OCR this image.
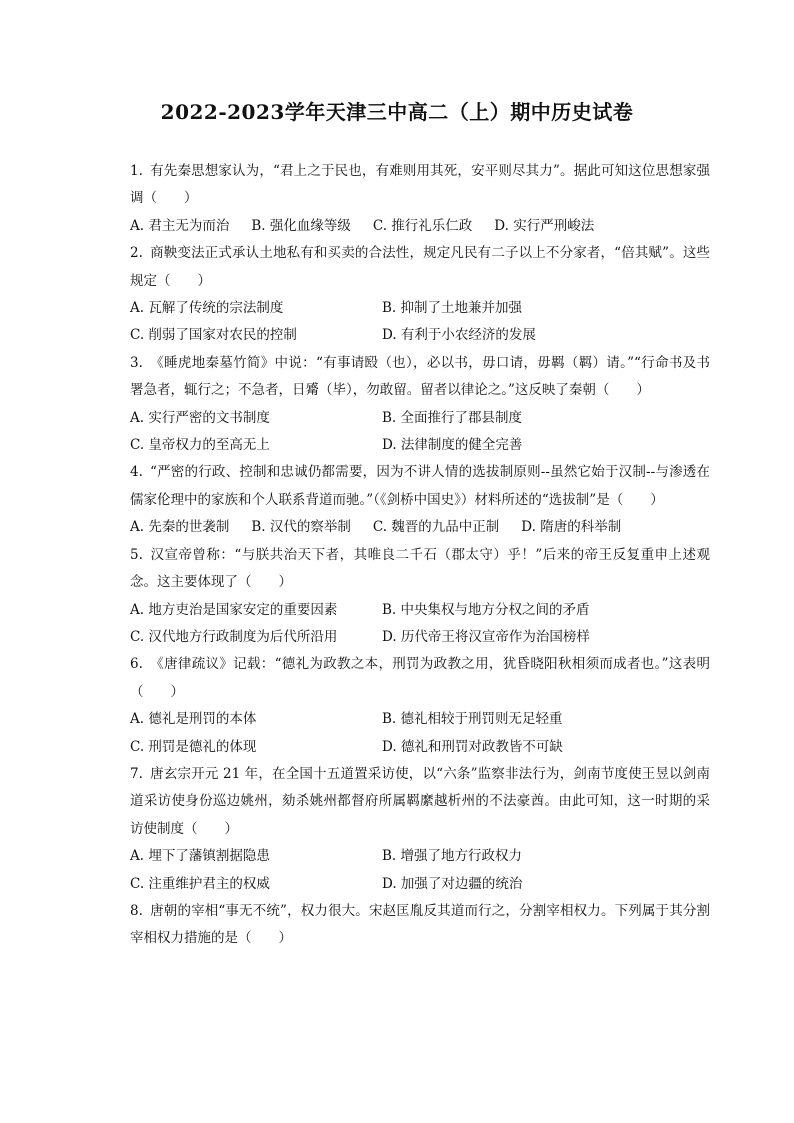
2022-2023学年天津三中高二（上）期中历史试卷

1. 有先秦思想家认为，“君上之于民也，有难则用其死，安平则尽其力”。据此可知这位思想家强调（　　）

A. 君主无为而治 B. 强化血缘等级 C. 推行礼乐仁政 D. 实行严刑峻法

2. 商鞅变法正式承认土地私有和买卖的合法性，规定凡民有二子以上不分家者，“倍其赋”。这些规定（　　）

A. 瓦解了传统的宗法制度	B. 抑制了土地兼并加强
C. 削弱了国家对农民的控制	D. 有利于小农经济的发展

3. 《睡虎地秦墓竹简》中说：“有事请殹（也），必以书，毋口请，毋羁（羁）请。”“行命书及书署急者，辄行之；不急者，日觱（毕），勿敢留。留者以律论之。”这反映了秦朝（　　）

A. 实行严密的文书制度	B. 全面推行了郡县制度
C. 皇帝权力的至高无上	D. 法律制度的健全完善

4. “严密的行政、控制和忠诚仍都需要，因为不讲人情的选拔制原则--虽然它始于汉制--与渗透在儒家伦理中的家族和个人联系背道而驰。”（《剑桥中国史》）材料所述的“选拔制”是（　　）

A. 先秦的世袭制 B. 汉代的察举制 C. 魏晋的九品中正制 D. 隋唐的科举制

5. 汉宣帝曾称：“与朕共治天下者，其唯良二千石（郡太守）乎！”后来的帝王反复重申上述观念。这主要体现了（　　）

A. 地方吏治是国家安定的重要因素	B. 中央集权与地方分权之间的矛盾
C. 汉代地方行政制度为后代所沿用	D. 历代帝王将汉宣帝作为治国榜样

6. 《唐律疏议》记载：“德礼为政教之本，刑罚为政教之用，犹昏晓阳秋相须而成者也。”这表明（　　）

A. 德礼是刑罚的本体	B. 德礼相较于刑罚则无足轻重
C. 刑罚是德礼的体现	D. 德礼和刑罚对政教皆不可缺

7. 唐玄宗开元 21 年，在全国十五道置采访使，以“六条”监察非法行为，剑南节度使王昱以剑南道采访使身份巡边姚州，劾杀姚州都督府所属羁縻越析州的不法豪酋。由此可知，这一时期的采访使制度（　　）

A. 埋下了藩镇割据隐患	B. 增强了地方行政权力
C. 注重维护君主的权威	D. 加强了对边疆的统治

8. 唐朝的宰相“事无不统”，权力很大。宋赵匡胤反其道而行之，分割宰相权力。下列属于其分割宰相权力措施的是（　　）
